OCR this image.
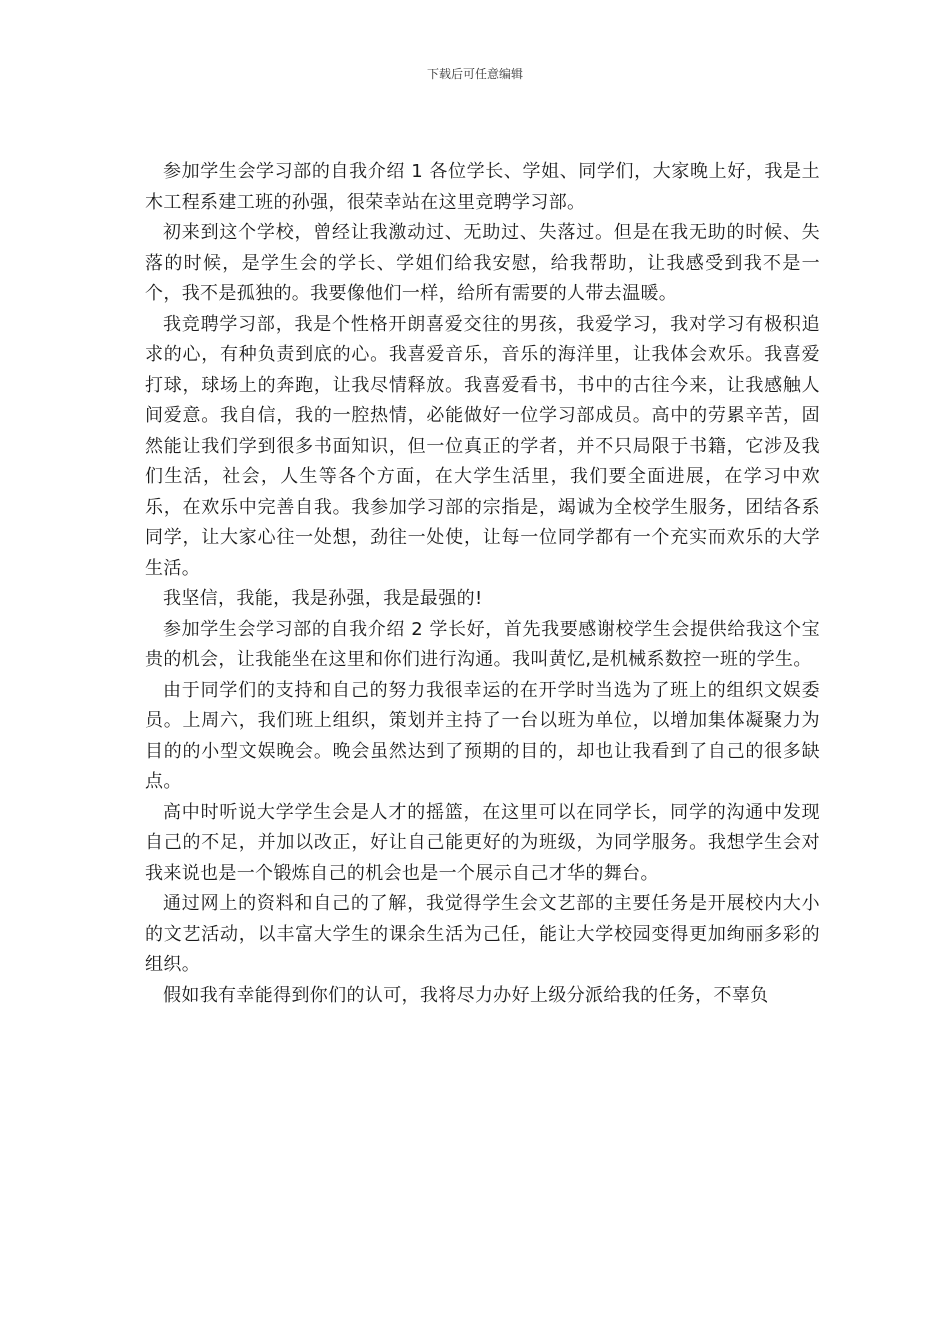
下载后可任意编辑

参加学生会学习部的自我介绍 1 各位学长、学姐、同学们，大家晚上好，我是土木工程系建工班的孙强，很荣幸站在这里竞聘学习部。

初来到这个学校，曾经让我激动过、无助过、失落过。但是在我无助的时候、失落的时候，是学生会的学长、学姐们给我安慰，给我帮助，让我感受到我不是一个，我不是孤独的。我要像他们一样，给所有需要的人带去温暖。

我竞聘学习部，我是个性格开朗喜爱交往的男孩，我爱学习，我对学习有极积追求的心，有种负责到底的心。我喜爱音乐，音乐的海洋里，让我体会欢乐。我喜爱打球，球场上的奔跑，让我尽情释放。我喜爱看书，书中的古往今来，让我感触人间爱意。我自信，我的一腔热情，必能做好一位学习部成员。高中的劳累辛苦，固然能让我们学到很多书面知识，但一位真正的学者，并不只局限于书籍，它涉及我们生活，社会，人生等各个方面，在大学生活里，我们要全面进展，在学习中欢乐，在欢乐中完善自我。我参加学习部的宗指是，竭诚为全校学生服务，团结各系同学，让大家心往一处想，劲往一处使，让每一位同学都有一个充实而欢乐的大学生活。

我坚信，我能，我是孙强，我是最强的!

参加学生会学习部的自我介绍 2 学长好，首先我要感谢校学生会提供给我这个宝贵的机会，让我能坐在这里和你们进行沟通。我叫黄忆,是机械系数控一班的学生。

由于同学们的支持和自己的努力我很幸运的在开学时当选为了班上的组织文娱委员。上周六，我们班上组织，策划并主持了一台以班为单位，以增加集体凝聚力为目的的小型文娱晚会。晚会虽然达到了预期的目的，却也让我看到了自己的很多缺点。

高中时听说大学学生会是人才的摇篮，在这里可以在同学长，同学的沟通中发现自己的不足，并加以改正，好让自己能更好的为班级，为同学服务。我想学生会对我来说也是一个锻炼自己的机会也是一个展示自己才华的舞台。

通过网上的资料和自己的了解，我觉得学生会文艺部的主要任务是开展校内大小的文艺活动，以丰富大学生的课余生活为己任，能让大学校园变得更加绚丽多彩的组织。

假如我有幸能得到你们的认可，我将尽力办好上级分派给我的任务，不辜负
